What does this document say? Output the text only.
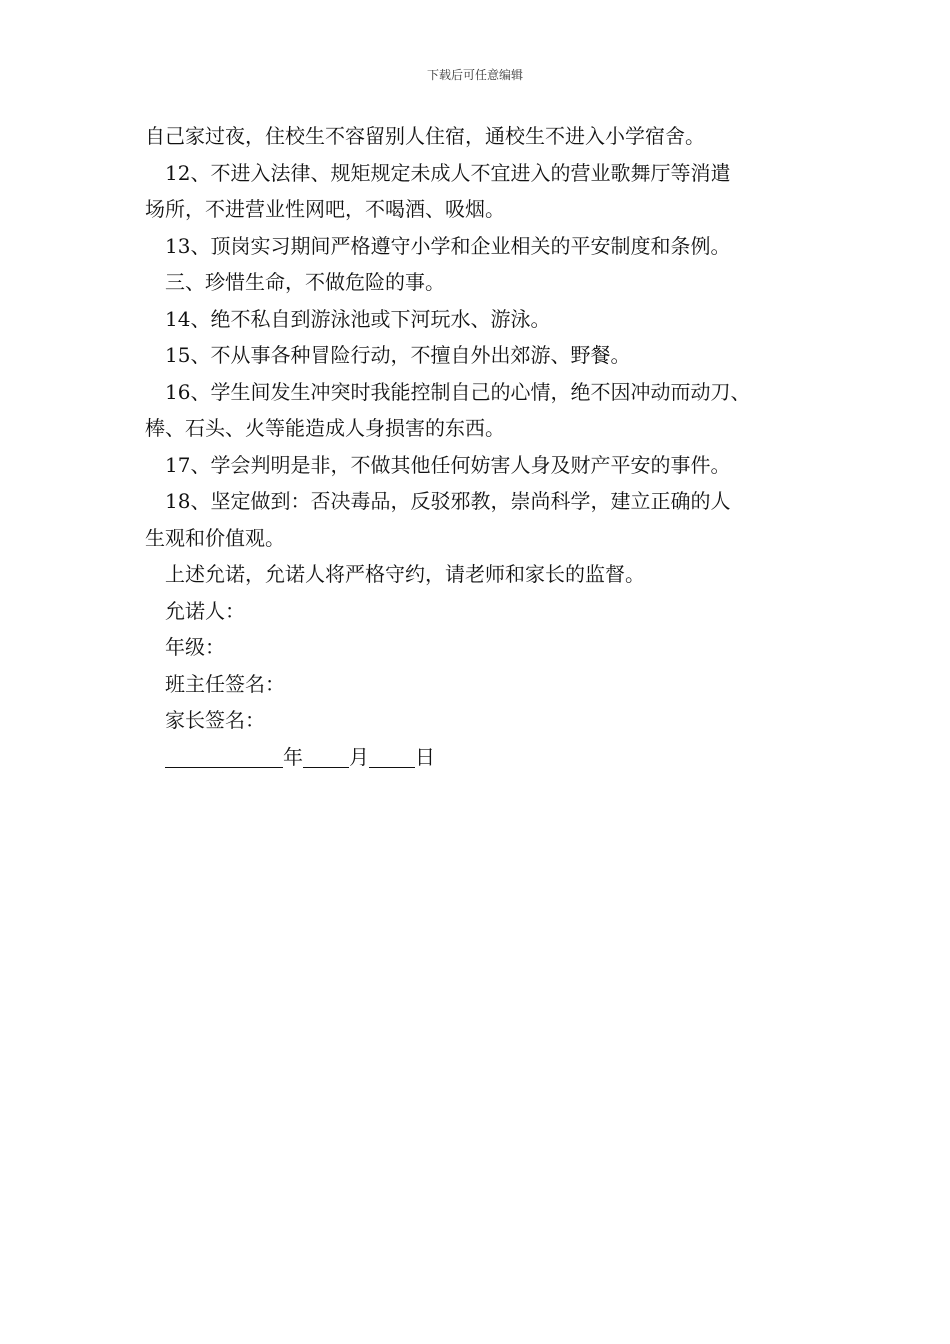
下载后可任意编辑
自己家过夜，住校生不容留别人住宿，通校生不进入小学宿舍。
12、不进入法律、规矩规定未成人不宜进入的营业歌舞厅等消遣
场所，不进营业性网吧，不喝酒、吸烟。
13、顶岗实习期间严格遵守小学和企业相关的平安制度和条例。
三、珍惜生命，不做危险的事。
14、绝不私自到游泳池或下河玩水、游泳。
15、不从事各种冒险行动，不擅自外出郊游、野餐。
16、学生间发生冲突时我能控制自己的心情，绝不因冲动而动刀、
棒、石头、火等能造成人身损害的东西。
17、学会判明是非，不做其他任何妨害人身及财产平安的事件。
18、坚定做到：否决毒品，反驳邪教，崇尚科学，建立正确的人
生观和价值观。
上述允诺，允诺人将严格守约，请老师和家长的监督。
允诺人：
年级：
班主任签名：
家长签名：
年 月 日
